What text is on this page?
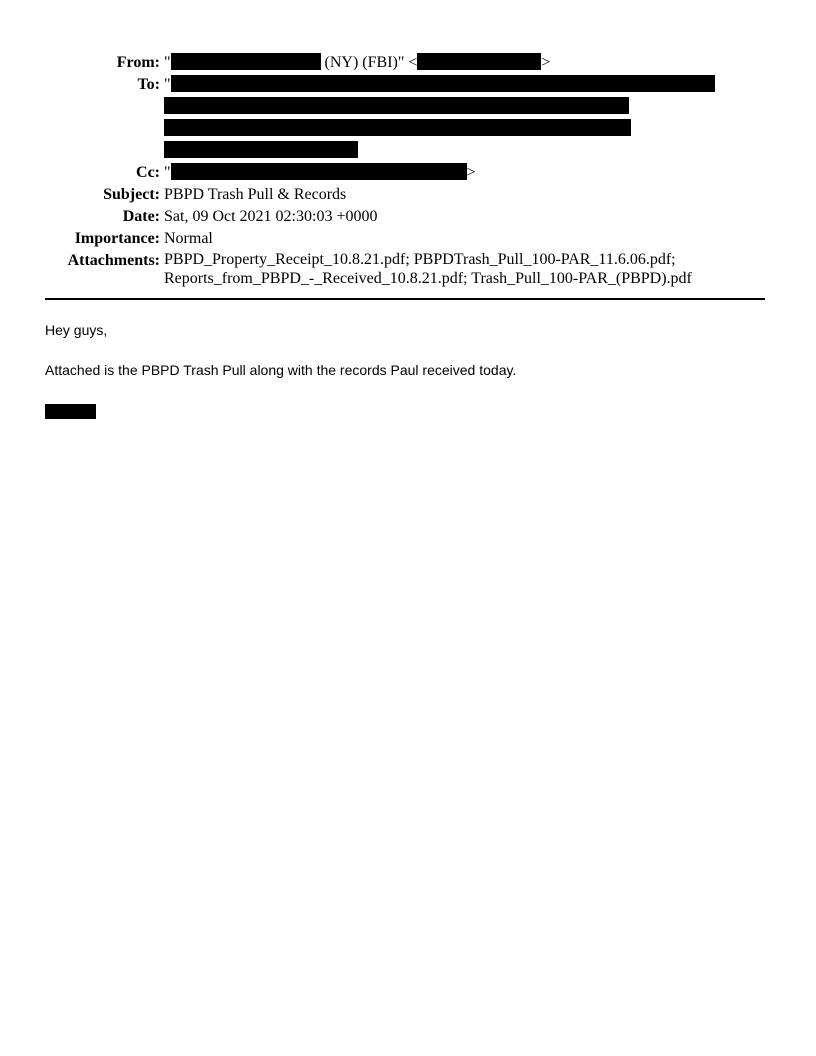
From: "	(NY) (FBI)" <	>
To: "
Cc: "	>
Subject: PBPD Trash Pull & Records
Date: Sat, 09 Oct 2021 02:30:03 +0000
Importance: Normal
Attachments: PBPD_Property_Receipt_10.8.21.pdf; PBPDTrash_Pull_100-PAR_11.6.06.pdf;
Reports_from_PBPD_-_Received_10.8.21.pdf; Trash_Pull_100-PAR_(PBPD).pdf

Hey guys,

Attached is the PBPD Trash Pull along with the records Paul received today.
